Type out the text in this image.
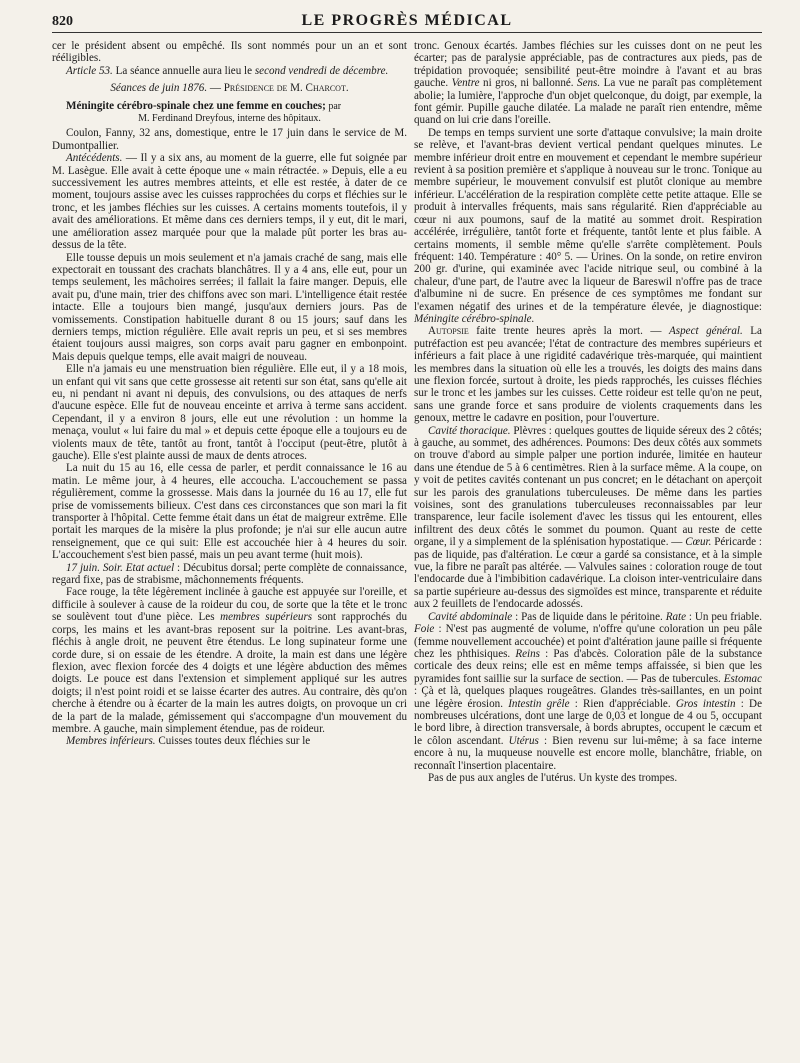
820	LE PROGRÈS MÉDICAL

cer le président absent ou empêché. Ils sont nommés pour un an et sont rééligibles.

Article 53. La séance annuelle aura lieu le second vendredi de décembre.

Séances de juin 1876. — Présidence de M. Charcot.

Méningite cérébro-spinale chez une femme en couches; par

M. Ferdinand Dreyfous, interne des hôpitaux.

Coulon, Fanny, 32 ans, domestique, entre le 17 juin dans le service de M. Dumontpallier.

Antécédents. — Il y a six ans, au moment de la guerre, elle fut soignée par M. Lasègue. Elle avait à cette époque une « main rétractée. » Depuis, elle a eu successivement les autres membres atteints, et elle est restée, à dater de ce moment, toujours assise avec les cuisses rapprochées du corps et fléchies sur le tronc, et les jambes fléchies sur les cuisses. A certains moments toutefois, il y avait des améliorations. Et même dans ces derniers temps, il y eut, dit le mari, une amélioration assez marquée pour que la malade pût porter les bras au-dessus de la tête.

Elle tousse depuis un mois seulement et n'a jamais craché de sang, mais elle expectorait en toussant des crachats blanchâtres. Il y a 4 ans, elle eut, pour un temps seulement, les mâchoires serrées; il fallait la faire manger. Depuis, elle avait pu, d'une main, trier des chiffons avec son mari. L'intelligence était restée intacte. Elle a toujours bien mangé, jusqu'aux derniers jours. Pas de vomissements. Constipation habituelle durant 8 ou 15 jours; sauf dans les derniers temps, miction régulière. Elle avait repris un peu, et si ses membres étaient toujours aussi maigres, son corps avait paru gagner en embonpoint. Mais depuis quelque temps, elle avait maigri de nouveau.

Elle n'a jamais eu une menstruation bien régulière. Elle eut, il y a 18 mois, un enfant qui vit sans que cette grossesse ait retenti sur son état, sans qu'elle ait eu, ni pendant ni avant ni depuis, des convulsions, ou des attaques de nerfs d'aucune espèce. Elle fut de nouveau enceinte et arriva à terme sans accident. Cependant, il y a environ 8 jours, elle eut une révolution : un homme la menaça, voulut « lui faire du mal » et depuis cette époque elle a toujours eu de violents maux de tête, tantôt au front, tantôt à l'occiput (peut-être, plutôt à gauche). Elle s'est plainte aussi de maux de dents atroces.

La nuit du 15 au 16, elle cessa de parler, et perdit connaissance le 16 au matin. Le même jour, à 4 heures, elle accoucha. L'accouchement se passa régulièrement, comme la grossesse. Mais dans la journée du 16 au 17, elle fut prise de vomissements bilieux. C'est dans ces circonstances que son mari la fit transporter à l'hôpital. Cette femme était dans un état de maigreur extrême. Elle portait les marques de la misère la plus profonde; je n'ai sur elle aucun autre renseignement, que ce qui suit: Elle est accouchée hier à 4 heures du soir. L'accouchement s'est bien passé, mais un peu avant terme (huit mois).

17 juin. Soir. Etat actuel : Décubitus dorsal; perte complète de connaissance, regard fixe, pas de strabisme, mâchonnements fréquents.

Face rouge, la tête légèrement inclinée à gauche est appuyée sur l'oreille, et difficile à soulever à cause de la roideur du cou, de sorte que la tête et le tronc se soulèvent tout d'une pièce. Les membres supérieurs sont rapprochés du corps, les mains et les avant-bras reposent sur la poitrine. Les avant-bras, fléchis à angle droit, ne peuvent être étendus. Le long supinateur forme une corde dure, si on essaie de les étendre. A droite, la main est dans une légère flexion, avec flexion forcée des 4 doigts et une légère abduction des mêmes doigts. Le pouce est dans l'extension et simplement appliqué sur les autres doigts; il n'est point roidi et se laisse écarter des autres. Au contraire, dès qu'on cherche à étendre ou à écarter de la main les autres doigts, on provoque un cri de la part de la malade, gémissement qui s'accompagne d'un mouvement du membre. A gauche, main simplement étendue, pas de roideur.

Membres inférieurs. Cuisses toutes deux fléchies sur le

tronc. Genoux écartés. Jambes fléchies sur les cuisses dont on ne peut les écarter; pas de paralysie appréciable, pas de contractures aux pieds, pas de trépidation provoquée; sensibilité peut-être moindre à l'avant et au bras gauche. Ventre ni gros, ni ballonné. Sens. La vue ne paraît pas complètement abolie; la lumière, l'approche d'un objet quelconque, du doigt, par exemple, la font gémir. Pupille gauche dilatée. La malade ne paraît rien entendre, même quand on lui crie dans l'oreille.

De temps en temps survient une sorte d'attaque convulsive; la main droite se relève, et l'avant-bras devient vertical pendant quelques minutes. Le membre inférieur droit entre en mouvement et cependant le membre supérieur revient à sa position première et s'applique à nouveau sur le tronc. Tonique au membre supérieur, le mouvement convulsif est plutôt clonique au membre inférieur. L'accélération de la respiration complète cette petite attaque. Elle se produit à intervalles fréquents, mais sans régularité. Rien d'appréciable au cœur ni aux poumons, sauf de la matité au sommet droit. Respiration accélérée, irrégulière, tantôt forte et fréquente, tantôt lente et plus faible. A certains moments, il semble même qu'elle s'arrête complètement. Pouls fréquent: 140. Température : 40° 5. — Urines. On la sonde, on retire environ 200 gr. d'urine, qui examinée avec l'acide nitrique seul, ou combiné à la chaleur, d'une part, de l'autre avec la liqueur de Bareswil n'offre pas de trace d'albumine ni de sucre. En présence de ces symptômes me fondant sur l'examen négatif des urines et de la température élevée, je diagnostique: Méningite cérébro-spinale.

Autopsie faite trente heures après la mort. — Aspect général. La putréfaction est peu avancée; l'état de contracture des membres supérieurs et inférieurs a fait place à une rigidité cadavérique très-marquée, qui maintient les membres dans la situation où elle les a trouvés, les doigts des mains dans une flexion forcée, surtout à droite, les pieds rapprochés, les cuisses fléchies sur le tronc et les jambes sur les cuisses. Cette roideur est telle qu'on ne peut, sans une grande force et sans produire de violents craquements dans les genoux, mettre le cadavre en position, pour l'ouverture.

Cavité thoracique. Plèvres : quelques gouttes de liquide séreux des 2 côtés; à gauche, au sommet, des adhérences. Poumons: Des deux côtés aux sommets on trouve d'abord au simple palper une portion indurée, limitée en hauteur dans une étendue de 5 à 6 centimètres. Rien à la surface même. A la coupe, on y voit de petites cavités contenant un pus concret; en le détachant on aperçoit sur les parois des granulations tuberculeuses. De même dans les parties voisines, sont des granulations tuberculeuses reconnaissables par leur transparence, leur facile isolement d'avec les tissus qui les entourent, elles infiltrent des deux côtés le sommet du poumon. Quant au reste de cette organe, il y a simplement de la splénisation hypostatique. — Cœur. Péricarde : pas de liquide, pas d'altération. Le cœur a gardé sa consistance, et à la simple vue, la fibre ne paraît pas altérée. — Valvules saines : coloration rouge de tout l'endocarde due à l'imbibition cadavérique. La cloison inter-ventriculaire dans sa partie supérieure au-dessus des sigmoïdes est mince, transparente et réduite aux 2 feuillets de l'endocarde adossés.

Cavité abdominale : Pas de liquide dans le péritoine. Rate : Un peu friable. Foie : N'est pas augmenté de volume, n'offre qu'une coloration un peu pâle (femme nouvellement accouchée) et point d'altération jaune paille si fréquente chez les phthisiques. Reins : Pas d'abcès. Coloration pâle de la substance corticale des deux reins; elle est en même temps affaissée, si bien que les pyramides font saillie sur la surface de section. — Pas de tubercules. Estomac : Çà et là, quelques plaques rougeâtres. Glandes très-saillantes, en un point une légère érosion. Intestin grêle : Rien d'appréciable. Gros intestin : De nombreuses ulcérations, dont une large de 0,03 et longue de 4 ou 5, occupant le bord libre, à direction transversale, à bords abruptes, occupent le cæcum et le côlon ascendant. Utérus : Bien revenu sur lui-même; à sa face interne encore à nu, la muqueuse nouvelle est encore molle, blanchâtre, friable, on reconnaît l'insertion placentaire.

Pas de pus aux angles de l'utérus. Un kyste des trompes.
